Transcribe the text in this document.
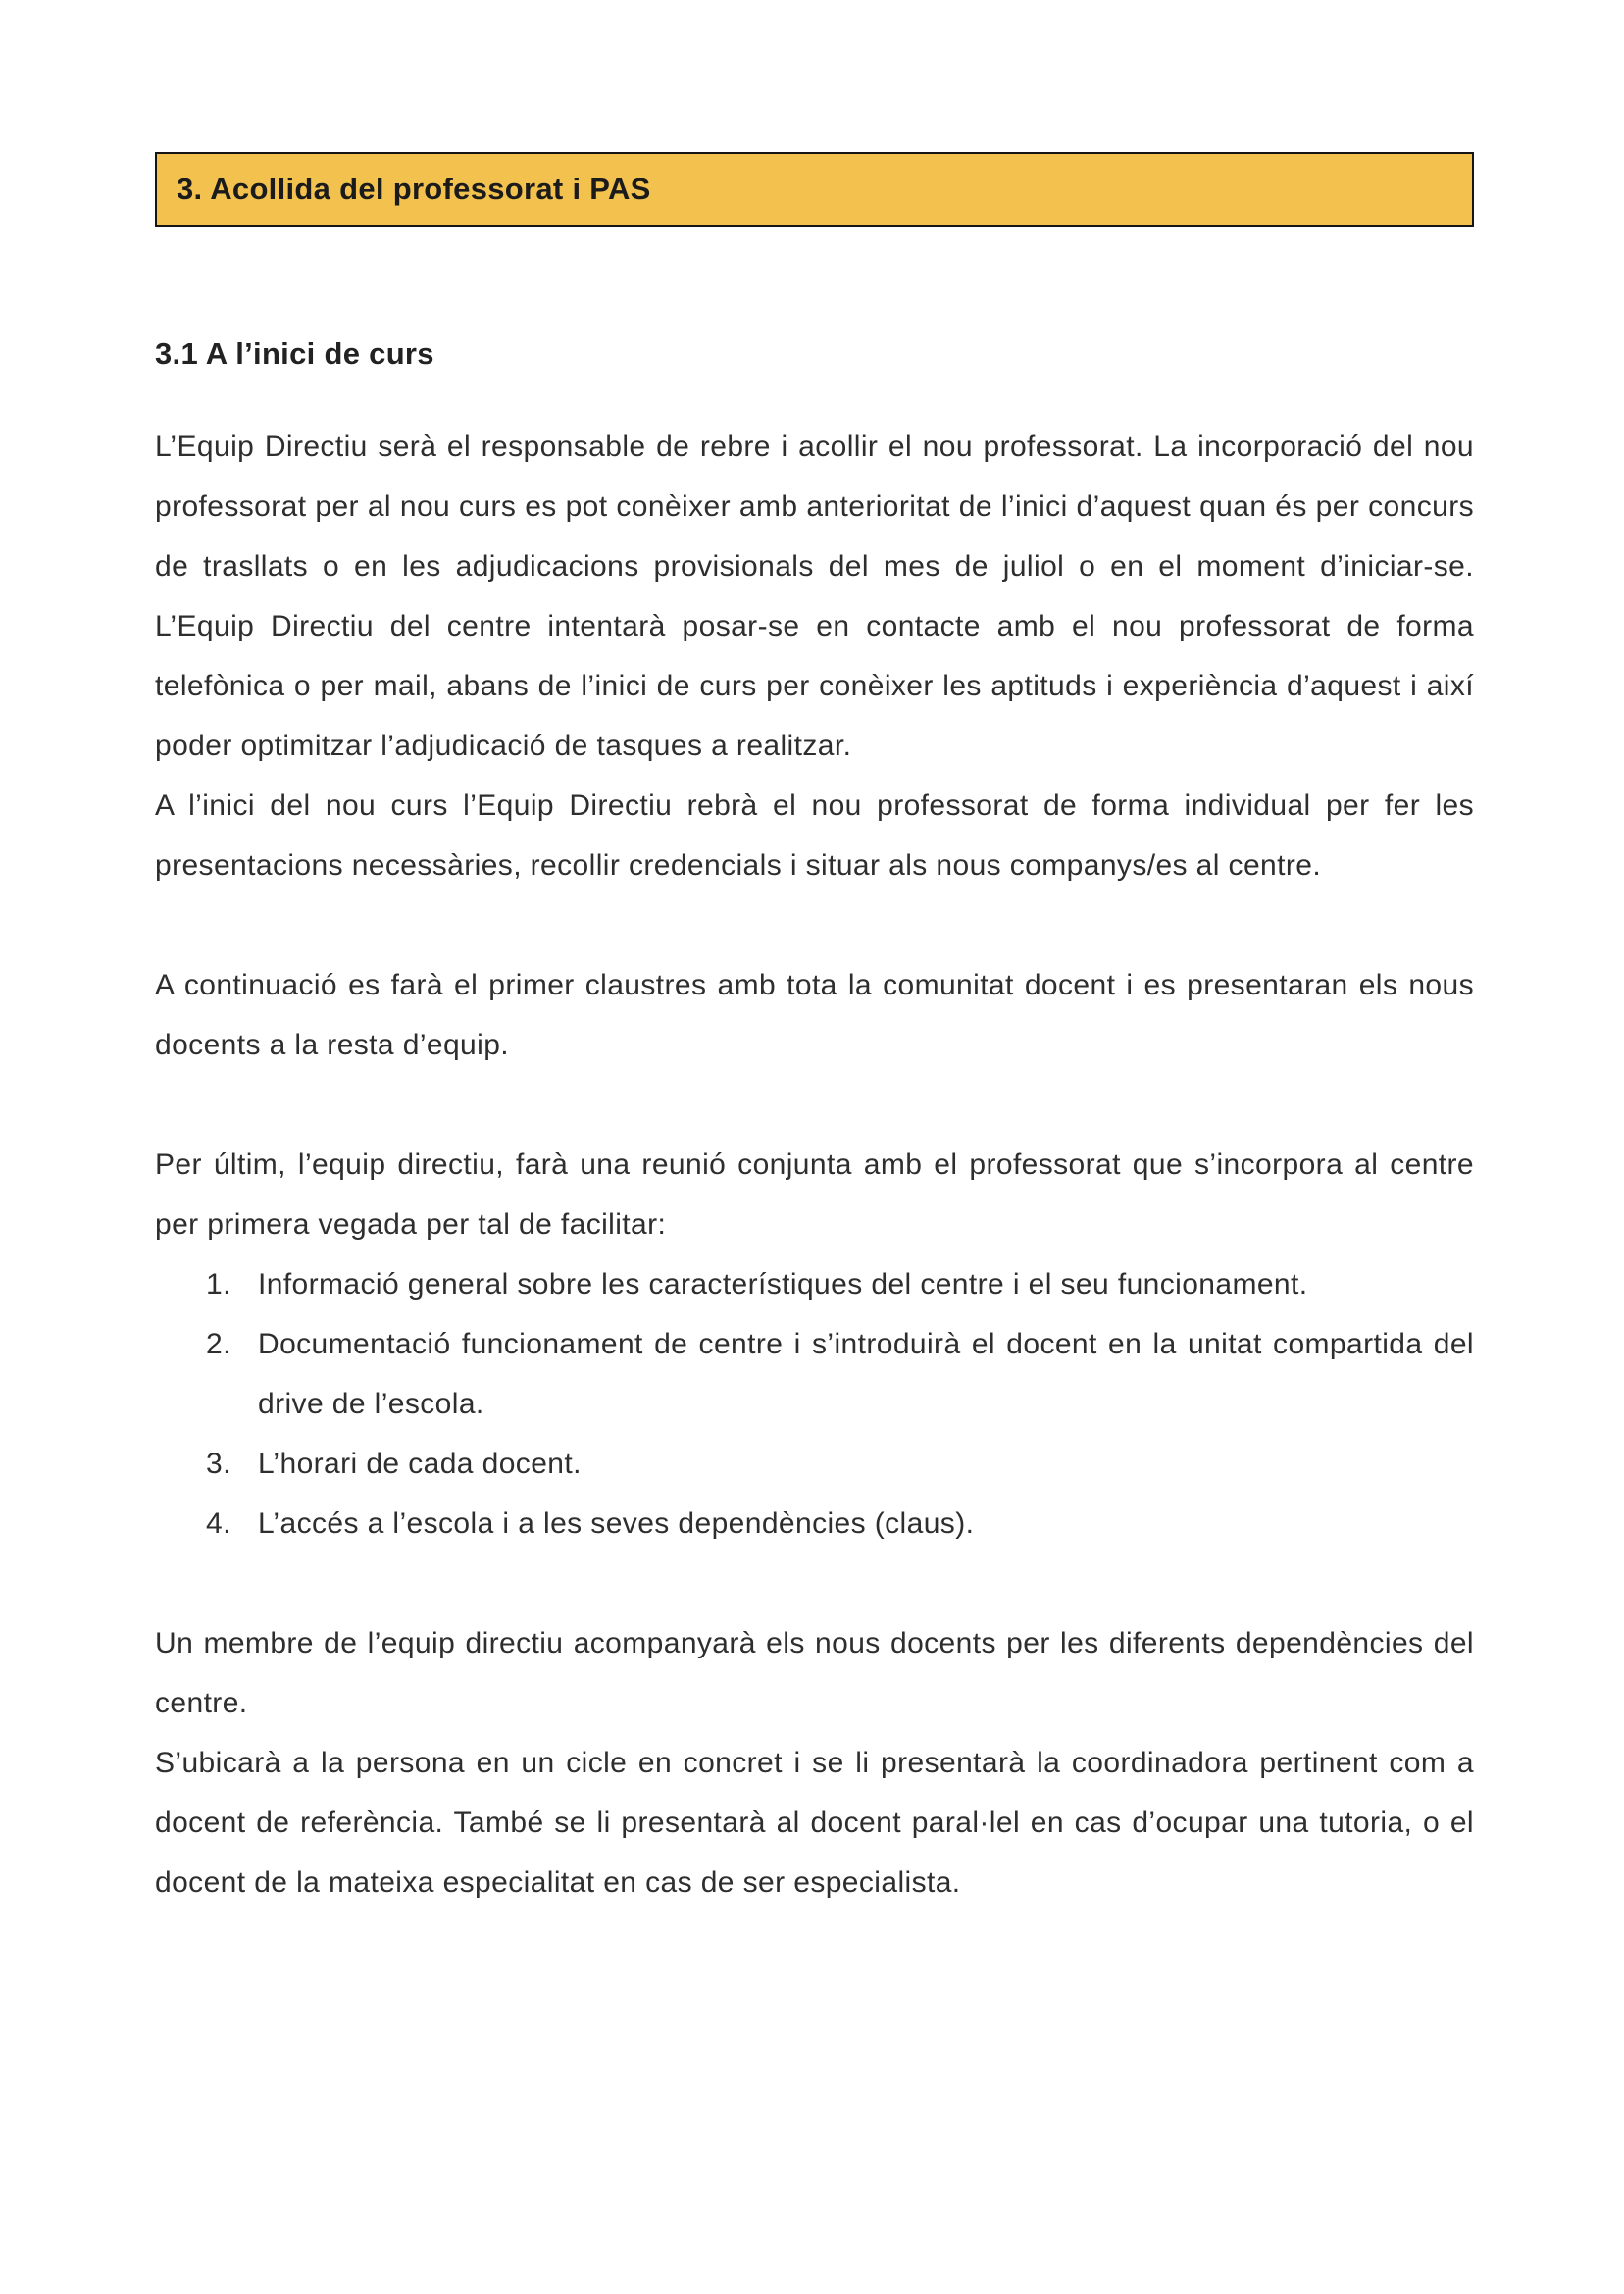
3. Acollida del professorat i PAS
3.1 A l’inici de curs

L’Equip Directiu serà el responsable de rebre i acollir el nou professorat. La incorporació del nou professorat per al nou curs es pot conèixer amb anterioritat de l’inici d’aquest quan és per concurs de trasllats o en les adjudicacions provisionals del mes de juliol o en el moment d’iniciar-se. L’Equip Directiu del centre intentarà posar-se en contacte amb el nou professorat de forma telefònica o per mail, abans de l’inici de curs per conèixer les aptituds i experiència d’aquest i així poder optimitzar l’adjudicació de tasques a realitzar.

A l’inici del nou curs l’Equip Directiu rebrà el nou professorat de forma individual per fer les presentacions necessàries, recollir credencials i situar als nous companys/es al centre.

A continuació es farà el primer claustres amb tota la comunitat docent i es presentaran els nous docents a la resta d’equip.

Per últim, l’equip directiu, farà una reunió conjunta amb el professorat que s’incorpora al centre per primera vegada per tal de facilitar:

1. Informació general sobre les característiques del centre i el seu funcionament.
2. Documentació funcionament de centre i s’introduirà el docent en la unitat compartida del drive de l’escola.
3. L’horari de cada docent.
4. L’accés a l’escola i a les seves dependències (claus).

Un membre de l’equip directiu acompanyarà els nous docents per les diferents dependències del centre.

S’ubicarà a la persona en un cicle en concret i se li presentarà la coordinadora pertinent com a docent de referència. També se li presentarà al docent paral·lel en cas d’ocupar una tutoria, o el docent de la mateixa especialitat en cas de ser especialista.
